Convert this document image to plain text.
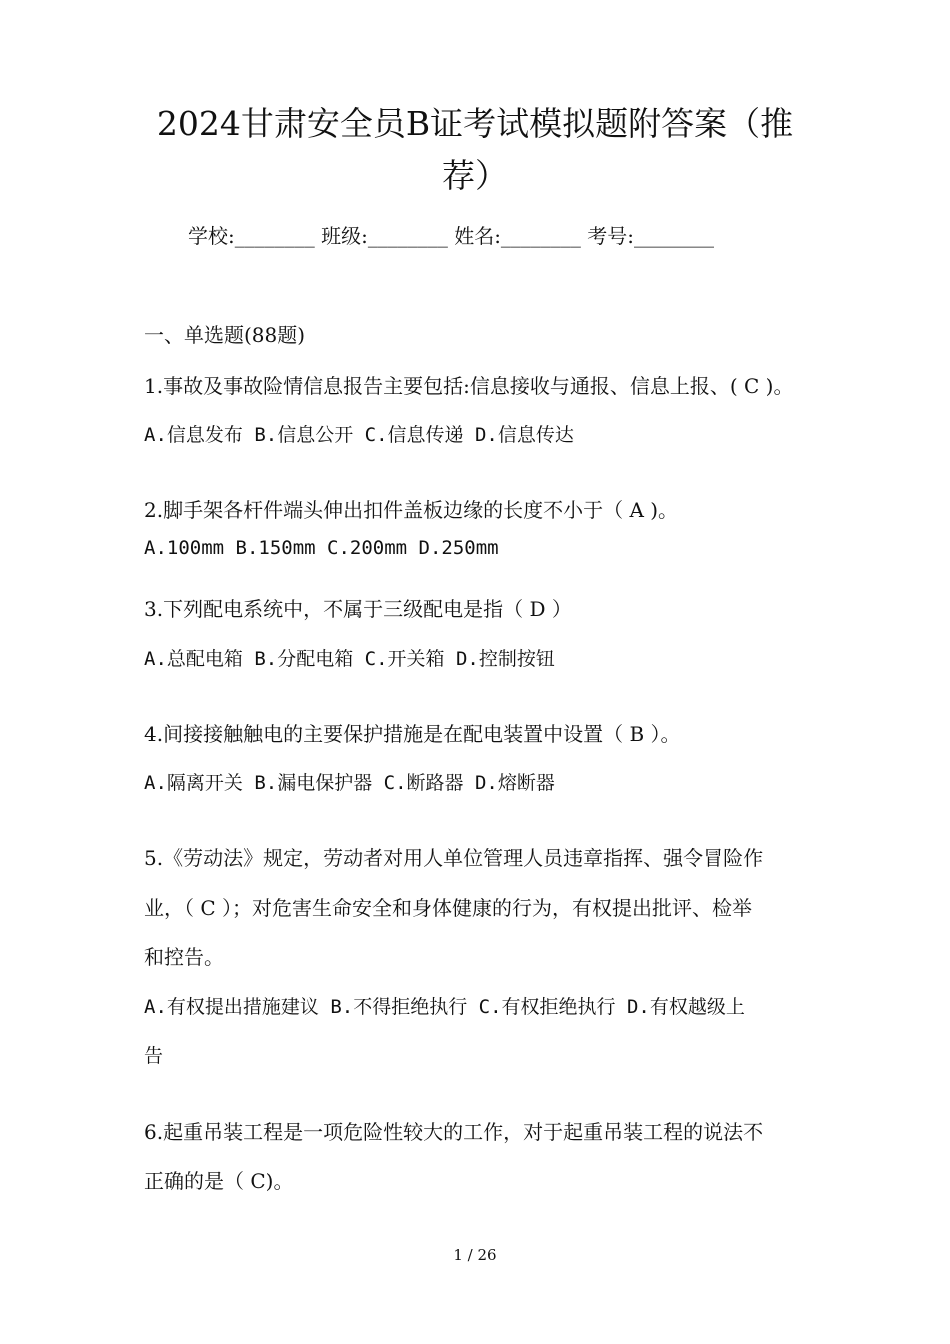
2024甘肃安全员B证考试模拟题附答案（推
荐）
学校:________ 班级:________ 姓名:________ 考号:________
一、单选题(88题)
1.事故及事故险情信息报告主要包括:信息接收与通报、信息上报、( C )。
A.信息发布 B.信息公开 C.信息传递 D.信息传达
2.脚手架各杆件端头伸出扣件盖板边缘的长度不小于（ A )。
A.100mm B.150mm C.200mm D.250mm
3.下列配电系统中，不属于三级配电是指（ D ）
A.总配电箱 B.分配电箱 C.开关箱 D.控制按钮
4.间接接触触电的主要保护措施是在配电装置中设置（ B ）。
A.隔离开关 B.漏电保护器 C.断路器 D.熔断器
5.《劳动法》规定，劳动者对用人单位管理人员违章指挥、强令冒险作
业，（ C ）；对危害生命安全和身体健康的行为，有权提出批评、检举
和控告。
A.有权提出措施建议 B.不得拒绝执行 C.有权拒绝执行 D.有权越级上
告
6.起重吊装工程是一项危险性较大的工作，对于起重吊装工程的说法不
正确的是（ C)。
1 / 26
